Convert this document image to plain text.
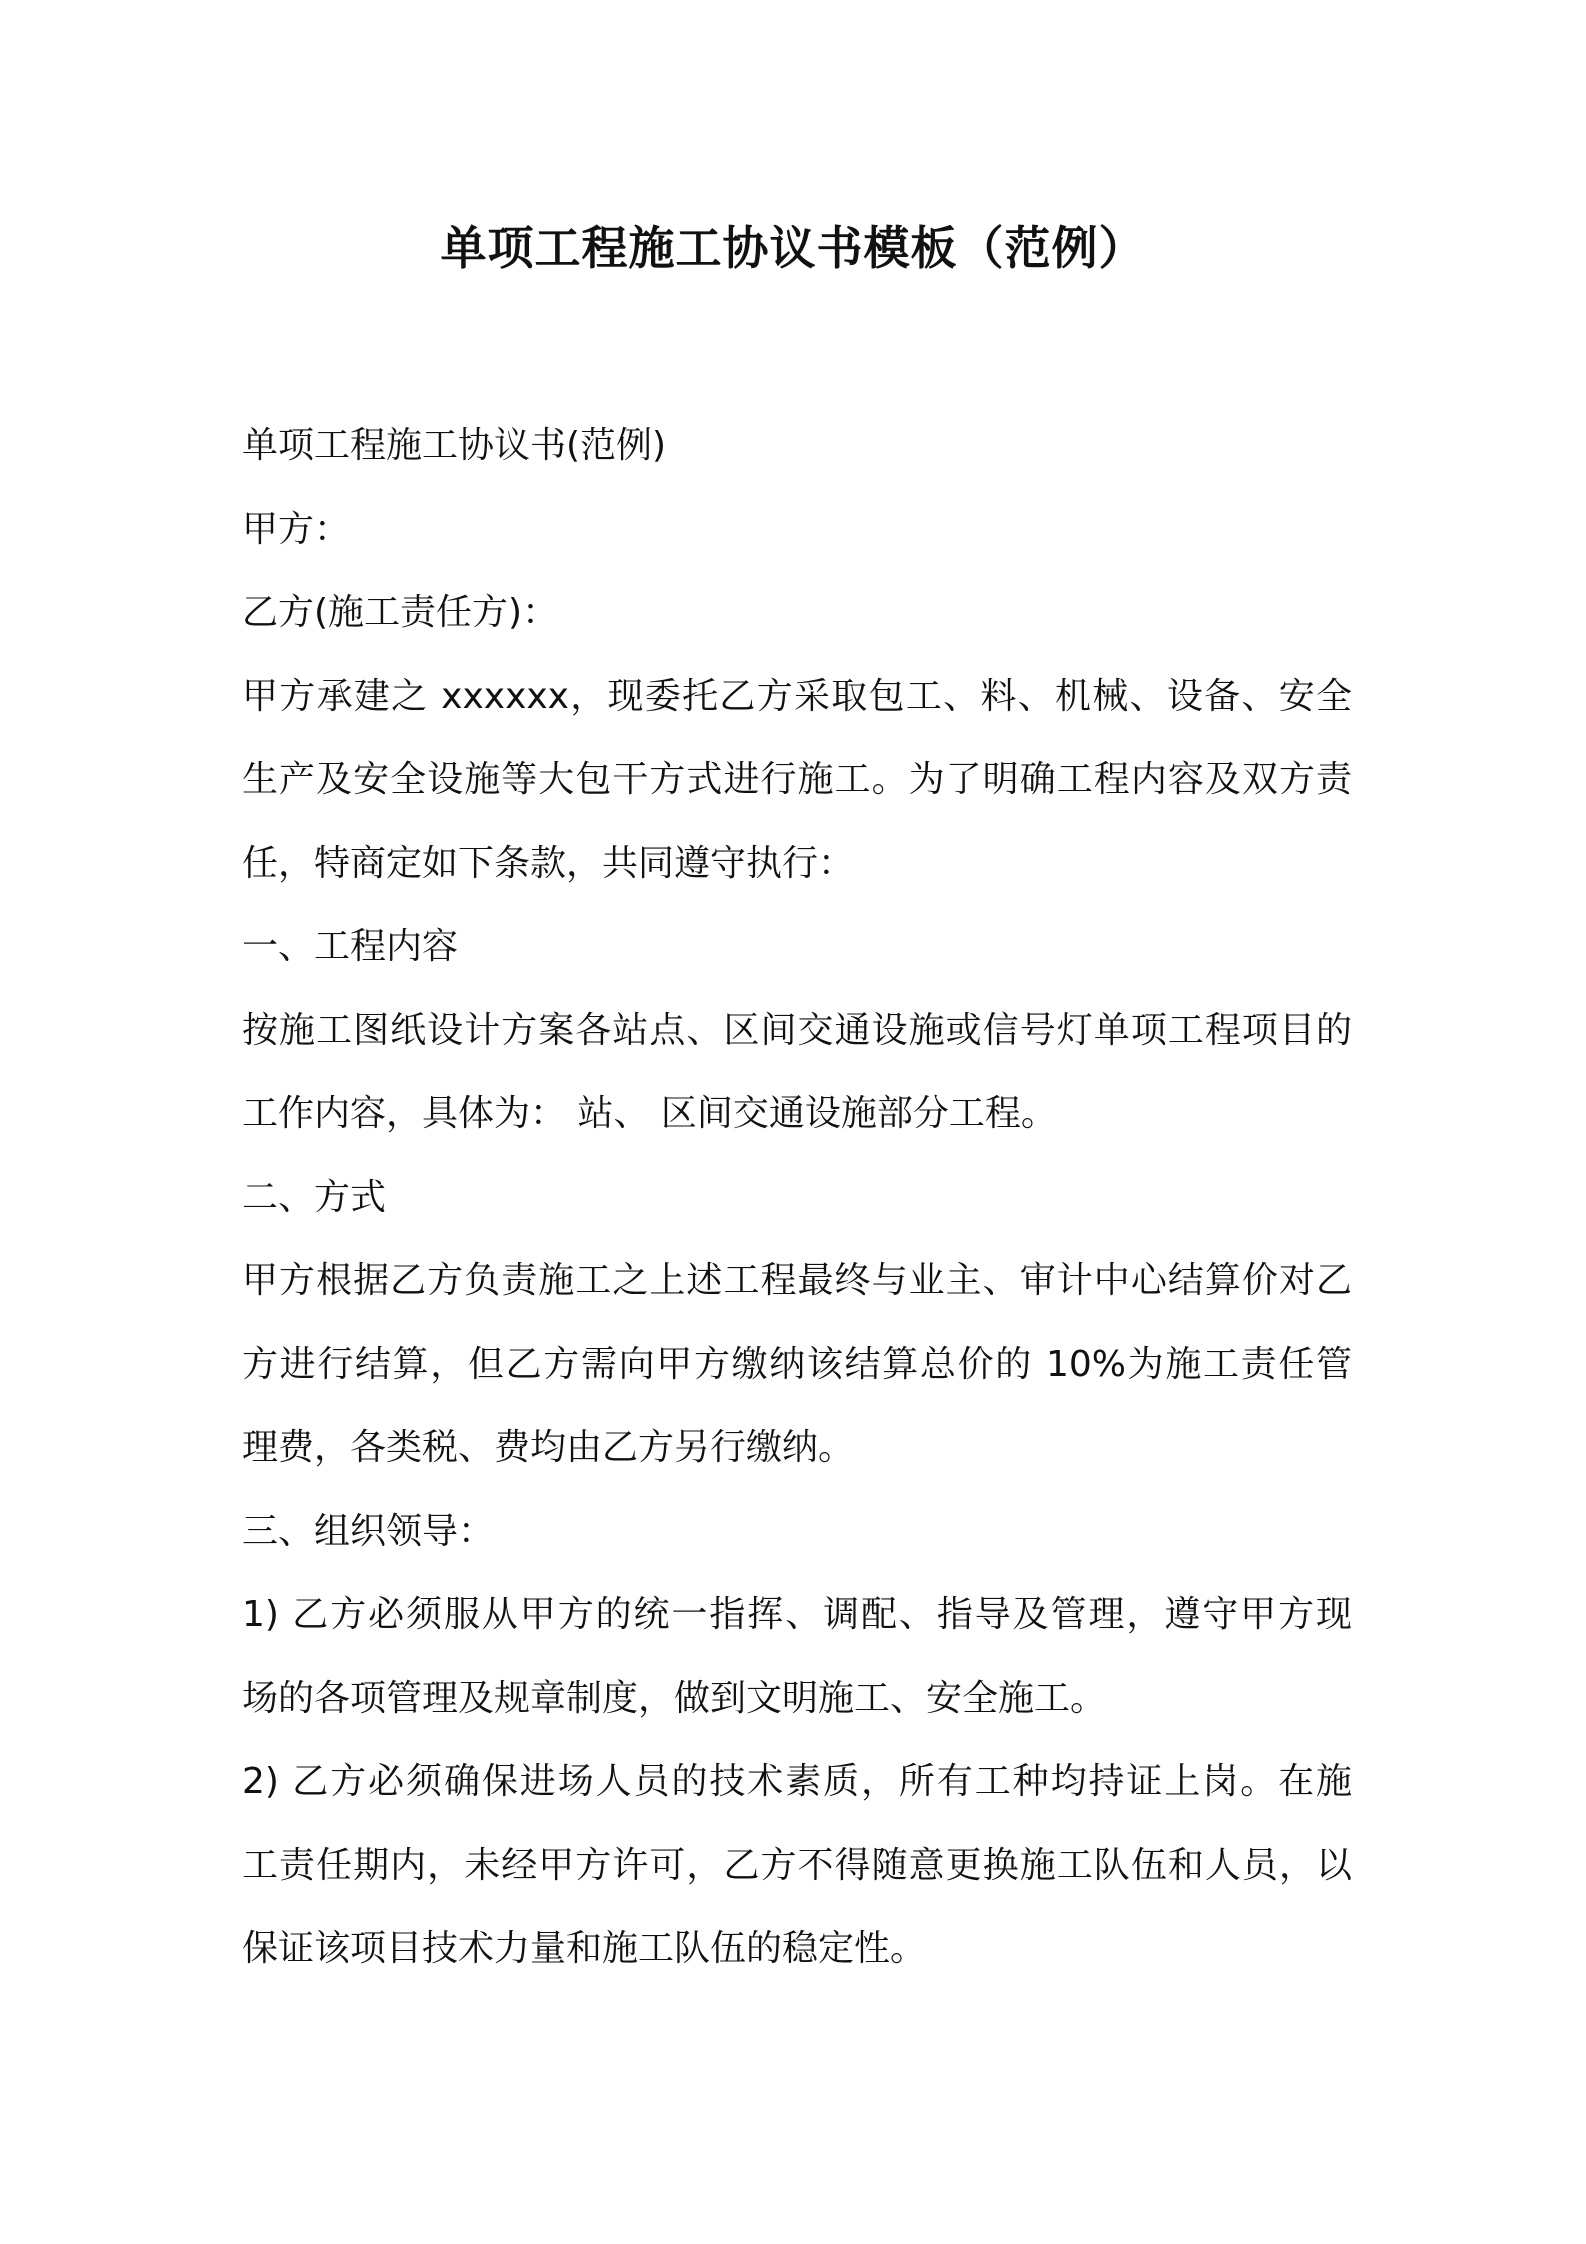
单项工程施工协议书模板（范例）
单项工程施工协议书(范例)
甲方：
乙方(施工责任方)：
甲方承建之 xxxxxx，现委托乙方采取包工、料、机械、设备、安全
生产及安全设施等大包干方式进行施工。为了明确工程内容及双方责
任，特商定如下条款，共同遵守执行：
一、工程内容
按施工图纸设计方案各站点、区间交通设施或信号灯单项工程项目的
工作内容，具体为： 站、 区间交通设施部分工程。
二、方式
甲方根据乙方负责施工之上述工程最终与业主、审计中心结算价对乙
方进行结算，但乙方需向甲方缴纳该结算总价的 10%为施工责任管
理费，各类税、费均由乙方另行缴纳。
三、组织领导：
1) 乙方必须服从甲方的统一指挥、调配、指导及管理，遵守甲方现
场的各项管理及规章制度，做到文明施工、安全施工。
2) 乙方必须确保进场人员的技术素质，所有工种均持证上岗。在施
工责任期内，未经甲方许可，乙方不得随意更换施工队伍和人员，以
保证该项目技术力量和施工队伍的稳定性。
